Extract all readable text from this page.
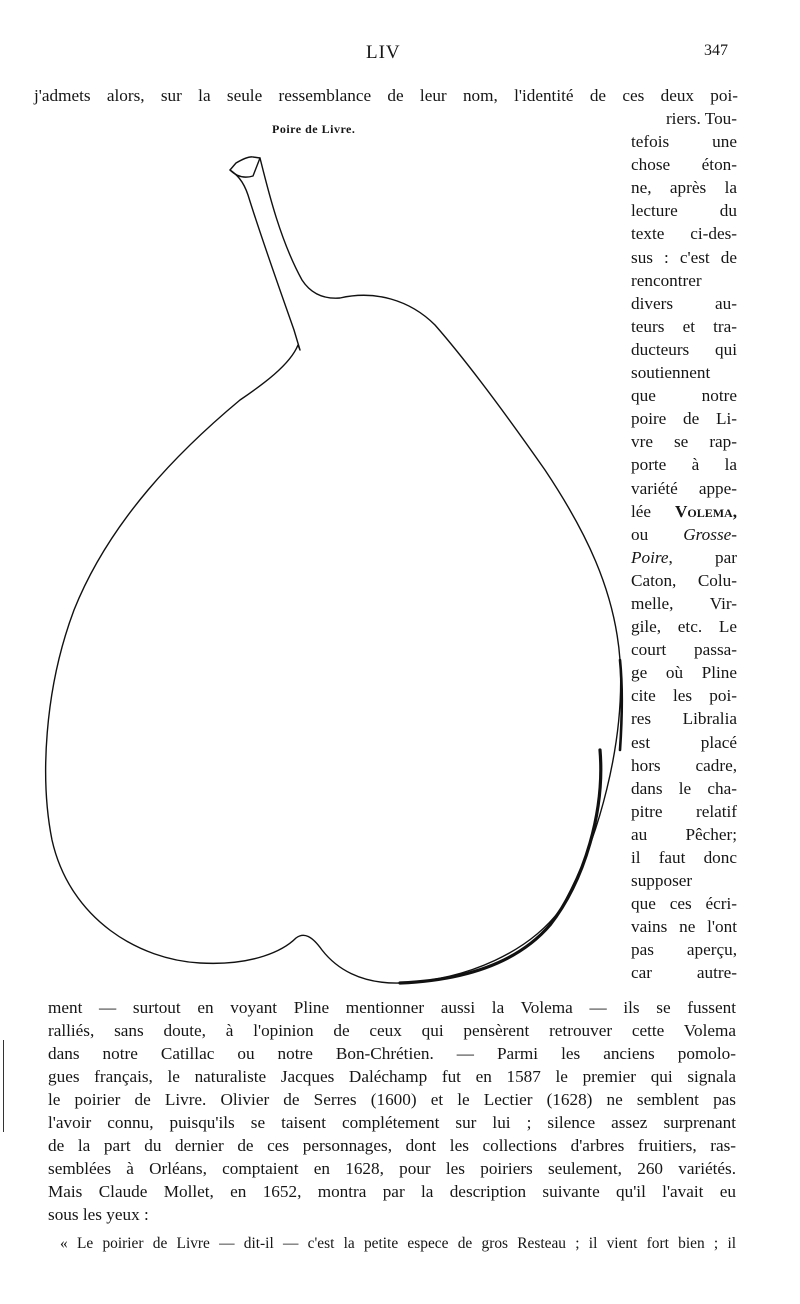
LIV	347
j'admets alors, sur la seule ressemblance de leur nom, l'identité de ces deux poi-
Poire de Livre.
riers. Tou-
tefois une
chose éton-
ne, après la
lecture du
texte ci-des-
sus : c'est de
rencontrer
divers au-
teurs et tra-
ducteurs qui
soutiennent
que notre
poire de Li-
vre se rap-
porte à la
variété appe-
lée Volema,
ou Grosse-
Poire, par
Caton, Colu-
melle, Vir-
gile, etc. Le
court passa-
ge où Pline
cite les poi-
res Libralia
est placé
hors cadre,
dans le cha-
pitre relatif
au Pêcher;
il faut donc
supposer
que ces écri-
vains ne l'ont
pas aperçu,
car autre-
ment — surtout en voyant Pline mentionner aussi la Volema — ils se fussent
ralliés, sans doute, à l'opinion de ceux qui pensèrent retrouver cette Volema
dans notre Catillac ou notre Bon-Chrétien. — Parmi les anciens pomolo-
gues français, le naturaliste Jacques Daléchamp fut en 1587 le premier qui signala
le poirier de Livre. Olivier de Serres (1600) et le Lectier (1628) ne semblent pas
l'avoir connu, puisqu'ils se taisent complétement sur lui ; silence assez surprenant
de la part du dernier de ces personnages, dont les collections d'arbres fruitiers, ras-
semblées à Orléans, comptaient en 1628, pour les poiriers seulement, 260 variétés.
Mais Claude Mollet, en 1652, montra par la description suivante qu'il l'avait eu
sous les yeux :
« Le poirier de Livre — dit-il — c'est la petite espece de gros Resteau ; il vient fort bien ; il
